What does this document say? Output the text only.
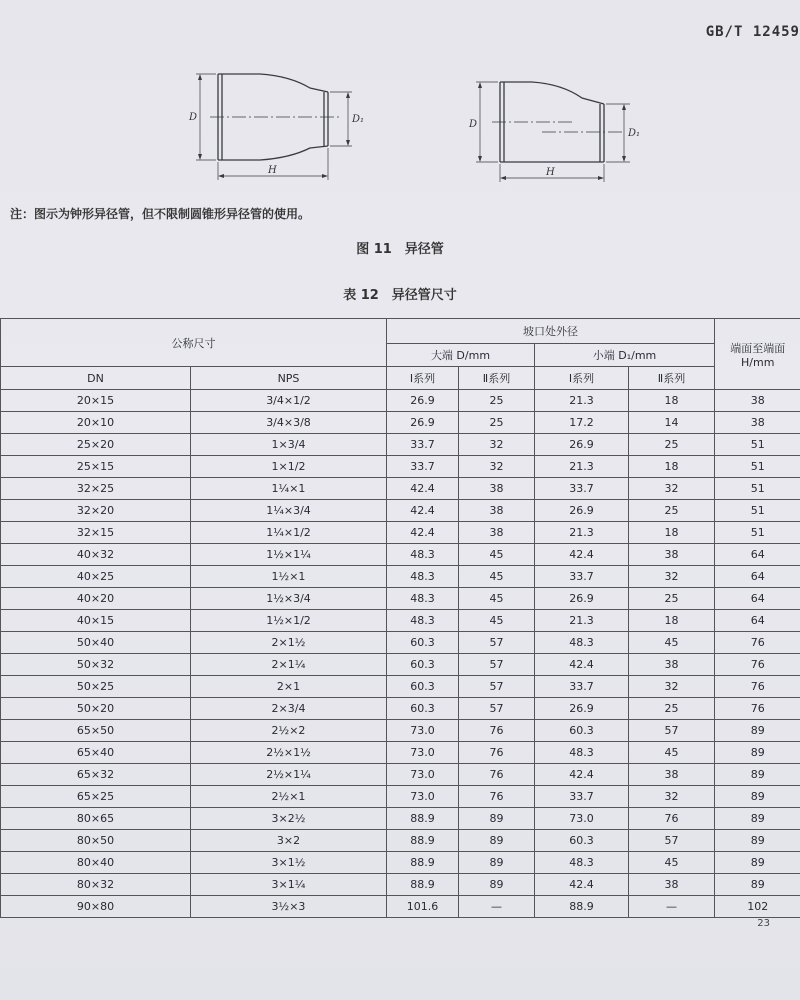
GB/T 12459
D	D₁
H
D
D₁
H
注：图示为钟形异径管，但不限制圆锥形异径管的使用。
图 11　异径管
表 12　异径管尺寸
公称尺寸		坡口处外径				端面至端面 H/mm
		大端 D/mm		小端 D₁/mm		
DN	NPS	Ⅰ系列	Ⅱ系列	Ⅰ系列	Ⅱ系列	
20×15	3/4×1/2	26.9	25	21.3	18	38
20×10	3/4×3/8	26.9	25	17.2	14	38
25×20	1×3/4	33.7	32	26.9	25	51
25×15	1×1/2	33.7	32	21.3	18	51
32×25	1¼×1	42.4	38	33.7	32	51
32×20	1¼×3/4	42.4	38	26.9	25	51
32×15	1¼×1/2	42.4	38	21.3	18	51
40×32	1½×1¼	48.3	45	42.4	38	64
40×25	1½×1	48.3	45	33.7	32	64
40×20	1½×3/4	48.3	45	26.9	25	64
40×15	1½×1/2	48.3	45	21.3	18	64
50×40	2×1½	60.3	57	48.3	45	76
50×32	2×1¼	60.3	57	42.4	38	76
50×25	2×1	60.3	57	33.7	32	76
50×20	2×3/4	60.3	57	26.9	25	76
65×50	2½×2	73.0	76	60.3	57	89
65×40	2½×1½	73.0	76	48.3	45	89
65×32	2½×1¼	73.0	76	42.4	38	89
65×25	2½×1	73.0	76	33.7	32	89
80×65	3×2½	88.9	89	73.0	76	89
80×50	3×2	88.9	89	60.3	57	89
80×40	3×1½	88.9	89	48.3	45	89
80×32	3×1¼	88.9	89	42.4	38	89
90×80	3½×3	101.6	—	88.9	—	102
23
